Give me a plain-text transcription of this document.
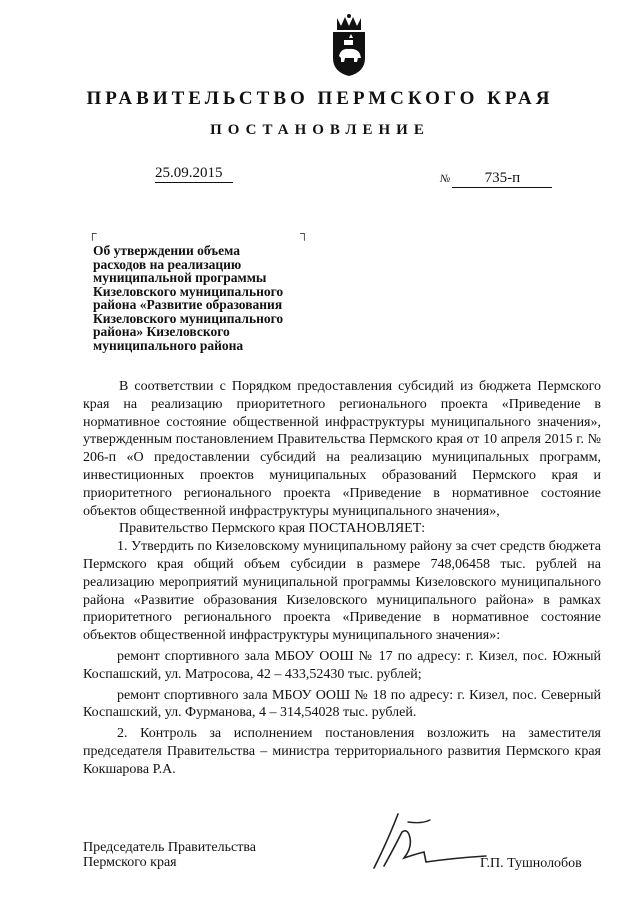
ПРАВИТЕЛЬСТВО ПЕРМСКОГО КРАЯ
ПОСТАНОВЛЕНИЕ
25.09.2015	№ 735-п
┌	┐
Об утверждении объема
расходов на реализацию
муниципальной программы
Кизеловского муниципального
района «Развитие образования
Кизеловского муниципального
района» Кизеловского
муниципального района

В соответствии с Порядком предоставления субсидий из бюджета Пермского края на реализацию приоритетного регионального проекта «Приведение в нормативное состояние общественной инфраструктуры муниципального значения», утвержденным постановлением Правительства Пермского края от 10 апреля 2015 г. № 206-п «О предоставлении субсидий на реализацию муниципальных программ, инвестиционных проектов муниципальных образований Пермского края и приоритетного регионального проекта «Приведение в нормативное состояние объектов общественной инфраструктуры муниципального значения»,

Правительство Пермского края ПОСТАНОВЛЯЕТ:

1. Утвердить по Кизеловскому муниципальному району за счет средств бюджета Пермского края общий объем субсидии в размере 748,06458 тыс. рублей на реализацию мероприятий муниципальной программы Кизеловского муниципального района «Развитие образования Кизеловского муниципального района» в рамках приоритетного регионального проекта «Приведение в нормативное состояние объектов общественной инфраструктуры муниципального значения»:

ремонт спортивного зала МБОУ ООШ № 17 по адресу: г. Кизел, пос. Южный Коспашский, ул. Матросова, 42 – 433,52430 тыс. рублей;

ремонт спортивного зала МБОУ ООШ № 18 по адресу: г. Кизел, пос. Северный Коспашский, ул. Фурманова, 4 – 314,54028 тыс. рублей.

2. Контроль за исполнением постановления возложить на заместителя председателя Правительства – министра территориального развития Пермского края Кокшарова Р.А.

Председатель Правительства
Пермского края	Г.П. Тушнолобов
